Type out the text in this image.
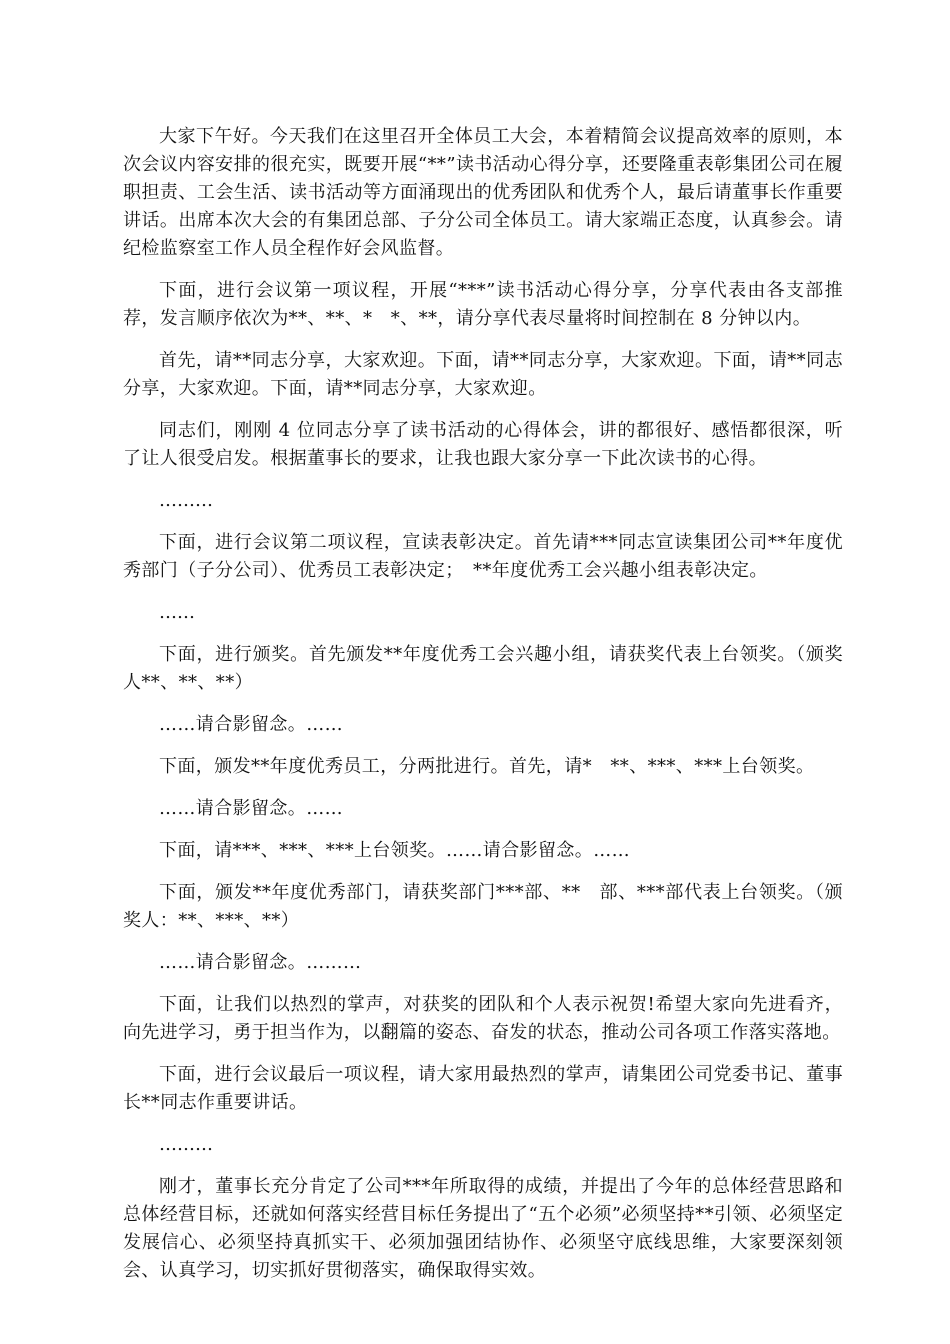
大家下午好。今天我们在这里召开全体员工大会，本着精简会议提高效率的原则，本次会议内容安排的很充实，既要开展“**”读书活动心得分享，还要隆重表彰集团公司在履职担责、工会生活、读书活动等方面涌现出的优秀团队和优秀个人，最后请董事长作重要讲话。出席本次大会的有集团总部、子分公司全体员工。请大家端正态度，认真参会。请纪检监察室工作人员全程作好会风监督。

下面，进行会议第一项议程，开展“***”读书活动心得分享，分享代表由各支部推荐，发言顺序依次为**、**、*　*、**，请分享代表尽量将时间控制在 8 分钟以内。

首先，请**同志分享，大家欢迎。下面，请**同志分享，大家欢迎。下面，请**同志分享，大家欢迎。下面，请**同志分享，大家欢迎。

同志们，刚刚 4 位同志分享了读书活动的心得体会，讲的都很好、感悟都很深，听了让人很受启发。根据董事长的要求，让我也跟大家分享一下此次读书的心得。

………

下面，进行会议第二项议程，宣读表彰决定。首先请***同志宣读集团公司**年度优秀部门（子分公司）、优秀员工表彰决定；　**年度优秀工会兴趣小组表彰决定。

……

下面，进行颁奖。首先颁发**年度优秀工会兴趣小组，请获奖代表上台领奖。（颁奖人**、**、**）

……请合影留念。……

下面，颁发**年度优秀员工，分两批进行。首先，请*　**、***、***上台领奖。

……请合影留念。……

下面，请***、***、***上台领奖。……请合影留念。……

下面，颁发**年度优秀部门，请获奖部门***部、**　部、***部代表上台领奖。（颁奖人：**、***、**）

……请合影留念。………

下面，让我们以热烈的掌声，对获奖的团队和个人表示祝贺!希望大家向先进看齐，向先进学习，勇于担当作为，以翻篇的姿态、奋发的状态，推动公司各项工作落实落地。

下面，进行会议最后一项议程，请大家用最热烈的掌声，请集团公司党委书记、董事长**同志作重要讲话。

………

刚才，董事长充分肯定了公司***年所取得的成绩，并提出了今年的总体经营思路和总体经营目标，还就如何落实经营目标任务提出了“五个必须”必须坚持**引领、必须坚定发展信心、必须坚持真抓实干、必须加强团结协作、必须坚守底线思维，大家要深刻领会、认真学习，切实抓好贯彻落实，确保取得实效。
